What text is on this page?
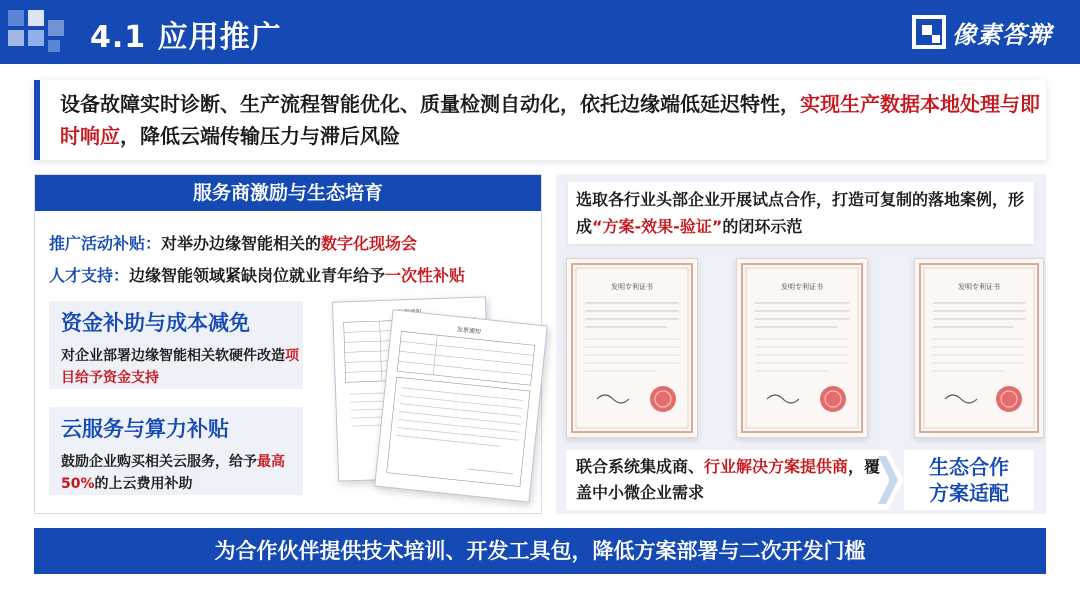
4.1 应用推广	像素答辩
设备故障实时诊断、生产流程智能优化、质量检测自动化，依托边缘端低延迟特性，实现生产数据本地处理与即时响应，降低云端传输压力与滞后风险
服务商激励与生态培育
推广活动补贴：对举办边缘智能相关的数字化现场会
人才支持：边缘智能领域紧缺岗位就业青年给予一次性补贴
资金补助与成本减免
对企业部署边缘智能相关软硬件改造项目给予资金支持
云服务与算力补贴
鼓励企业购买相关云服务，给予最高50%的上云费用补助
发票通知
选取各行业头部企业开展试点合作，打造可复制的落地案例，形成“方案-效果-验证”的闭环示范
发明专利证书	发明专利证书	发明专利证书
联合系统集成商、行业解决方案提供商，覆盖中小微企业需求
生态合作
方案适配
为合作伙伴提供技术培训、开发工具包，降低方案部署与二次开发门槛
